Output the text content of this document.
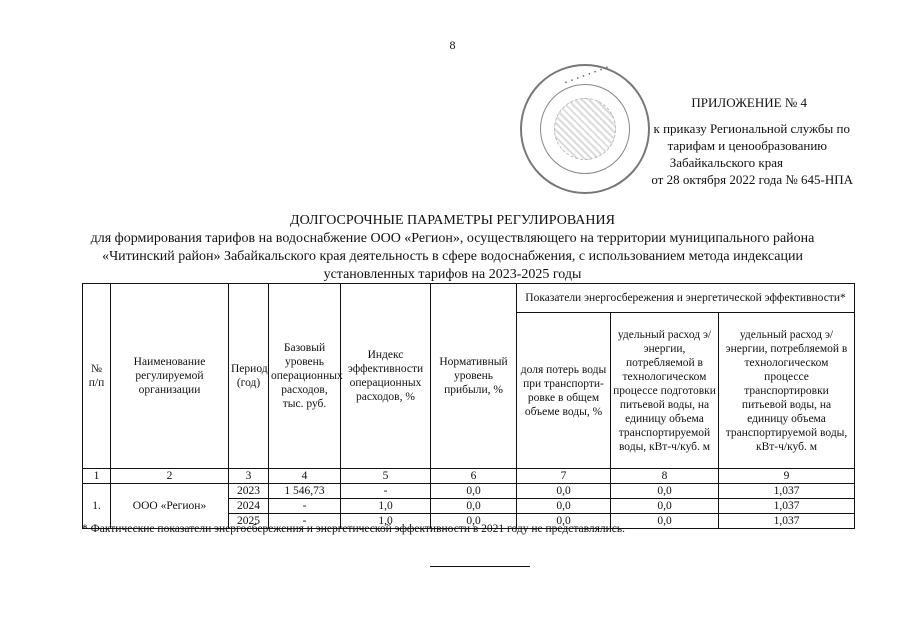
8
• • • • • • • •
ПРИЛОЖЕНИЕ № 4
к приказу Региональной службы по
тарифам и ценообразованию
Забайкальского края
от 28 октября 2022 года № 645-НПА
ДОЛГОСРОЧНЫЕ ПАРАМЕТРЫ РЕГУЛИРОВАНИЯ
для формирования тарифов на водоснабжение ООО «Регион», осуществляющего на территории муниципального района
«Читинский район» Забайкальского края деятельность в сфере водоснабжения, с использованием метода индексации
установленных тарифов на 2023-2025 годы
№ п/п	Наименование регулируемой организации	Период (год)	Базовый уровень операционных расходов, тыс. руб.	Индекс эффективности операционных расходов, %	Нормативный уровень прибыли, %	Показатели энергосбережения и энергетической эффективности*		
						доля потерь воды при транспорти-ровке в общем объеме воды, %	удельный расход э/энергии, потребляемой в технологическом процессе подготовки питьевой воды, на единицу объема транспортируемой воды, кВт-ч/куб. м	удельный расход э/энергии, потребляемой в технологическом процессе транспортировки питьевой воды, на единицу объема транспортируемой воды, кВт-ч/куб. м
1	2	3	4	5	6	7	8	9
1.	ООО «Регион»	2023	1 546,73	-	0,0	0,0	0,0	1,037
		2024	-	1,0	0,0	0,0	0,0	1,037
		2025	-	1,0	0,0	0,0	0,0	1,037
* Фактические показатели энергосбережения и энергетической эффективности в 2021 году не представлялись.
